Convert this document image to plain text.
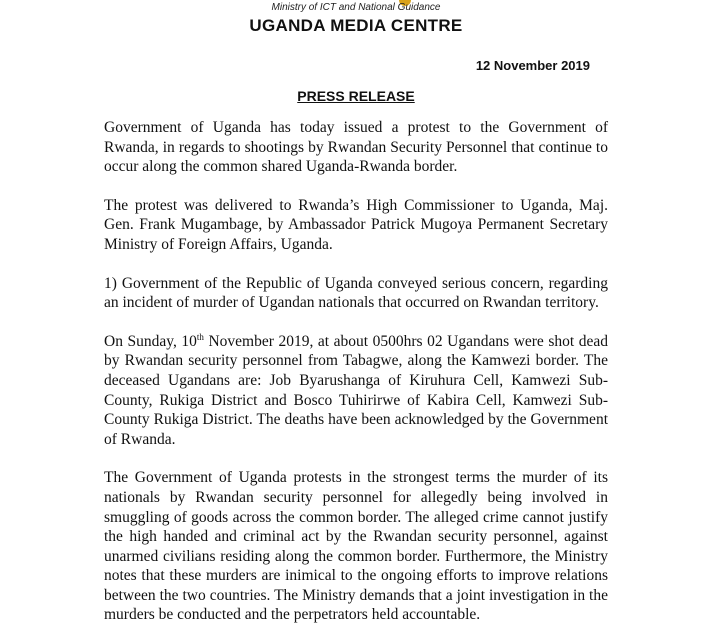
Ministry of ICT and National Guidance
UGANDA MEDIA CENTRE
12 November 2019
PRESS RELEASE

Government of Uganda has today issued a protest to the Government of Rwanda, in regards to shootings by Rwandan Security Personnel that continue to occur along the common shared Uganda-Rwanda border.

The protest was delivered to Rwanda’s High Commissioner to Uganda, Maj. Gen. Frank Mugambage, by Ambassador Patrick Mugoya Permanent Secretary Ministry of Foreign Affairs, Uganda.

1) Government of the Republic of Uganda conveyed serious concern, regarding an incident of murder of Ugandan nationals that occurred on Rwandan territory.

On Sunday, 10th November 2019, at about 0500hrs 02 Ugandans were shot dead by Rwandan security personnel from Tabagwe, along the Kamwezi border. The deceased Ugandans are: Job Byarushanga of Kiruhura Cell, Kamwezi Sub-County, Rukiga District and Bosco Tuhirirwe of Kabira Cell, Kamwezi Sub-County Rukiga District. The deaths have been acknowledged by the Government of Rwanda.

The Government of Uganda protests in the strongest terms the murder of its nationals by Rwandan security personnel for allegedly being involved in smuggling of goods across the common border. The alleged crime cannot justify the high handed and criminal act by the Rwandan security personnel, against unarmed civilians residing along the common border. Furthermore, the Ministry notes that these murders are inimical to the ongoing efforts to improve relations between the two countries. The Ministry demands that a joint investigation in the murders be conducted and the perpetrators held accountable.
